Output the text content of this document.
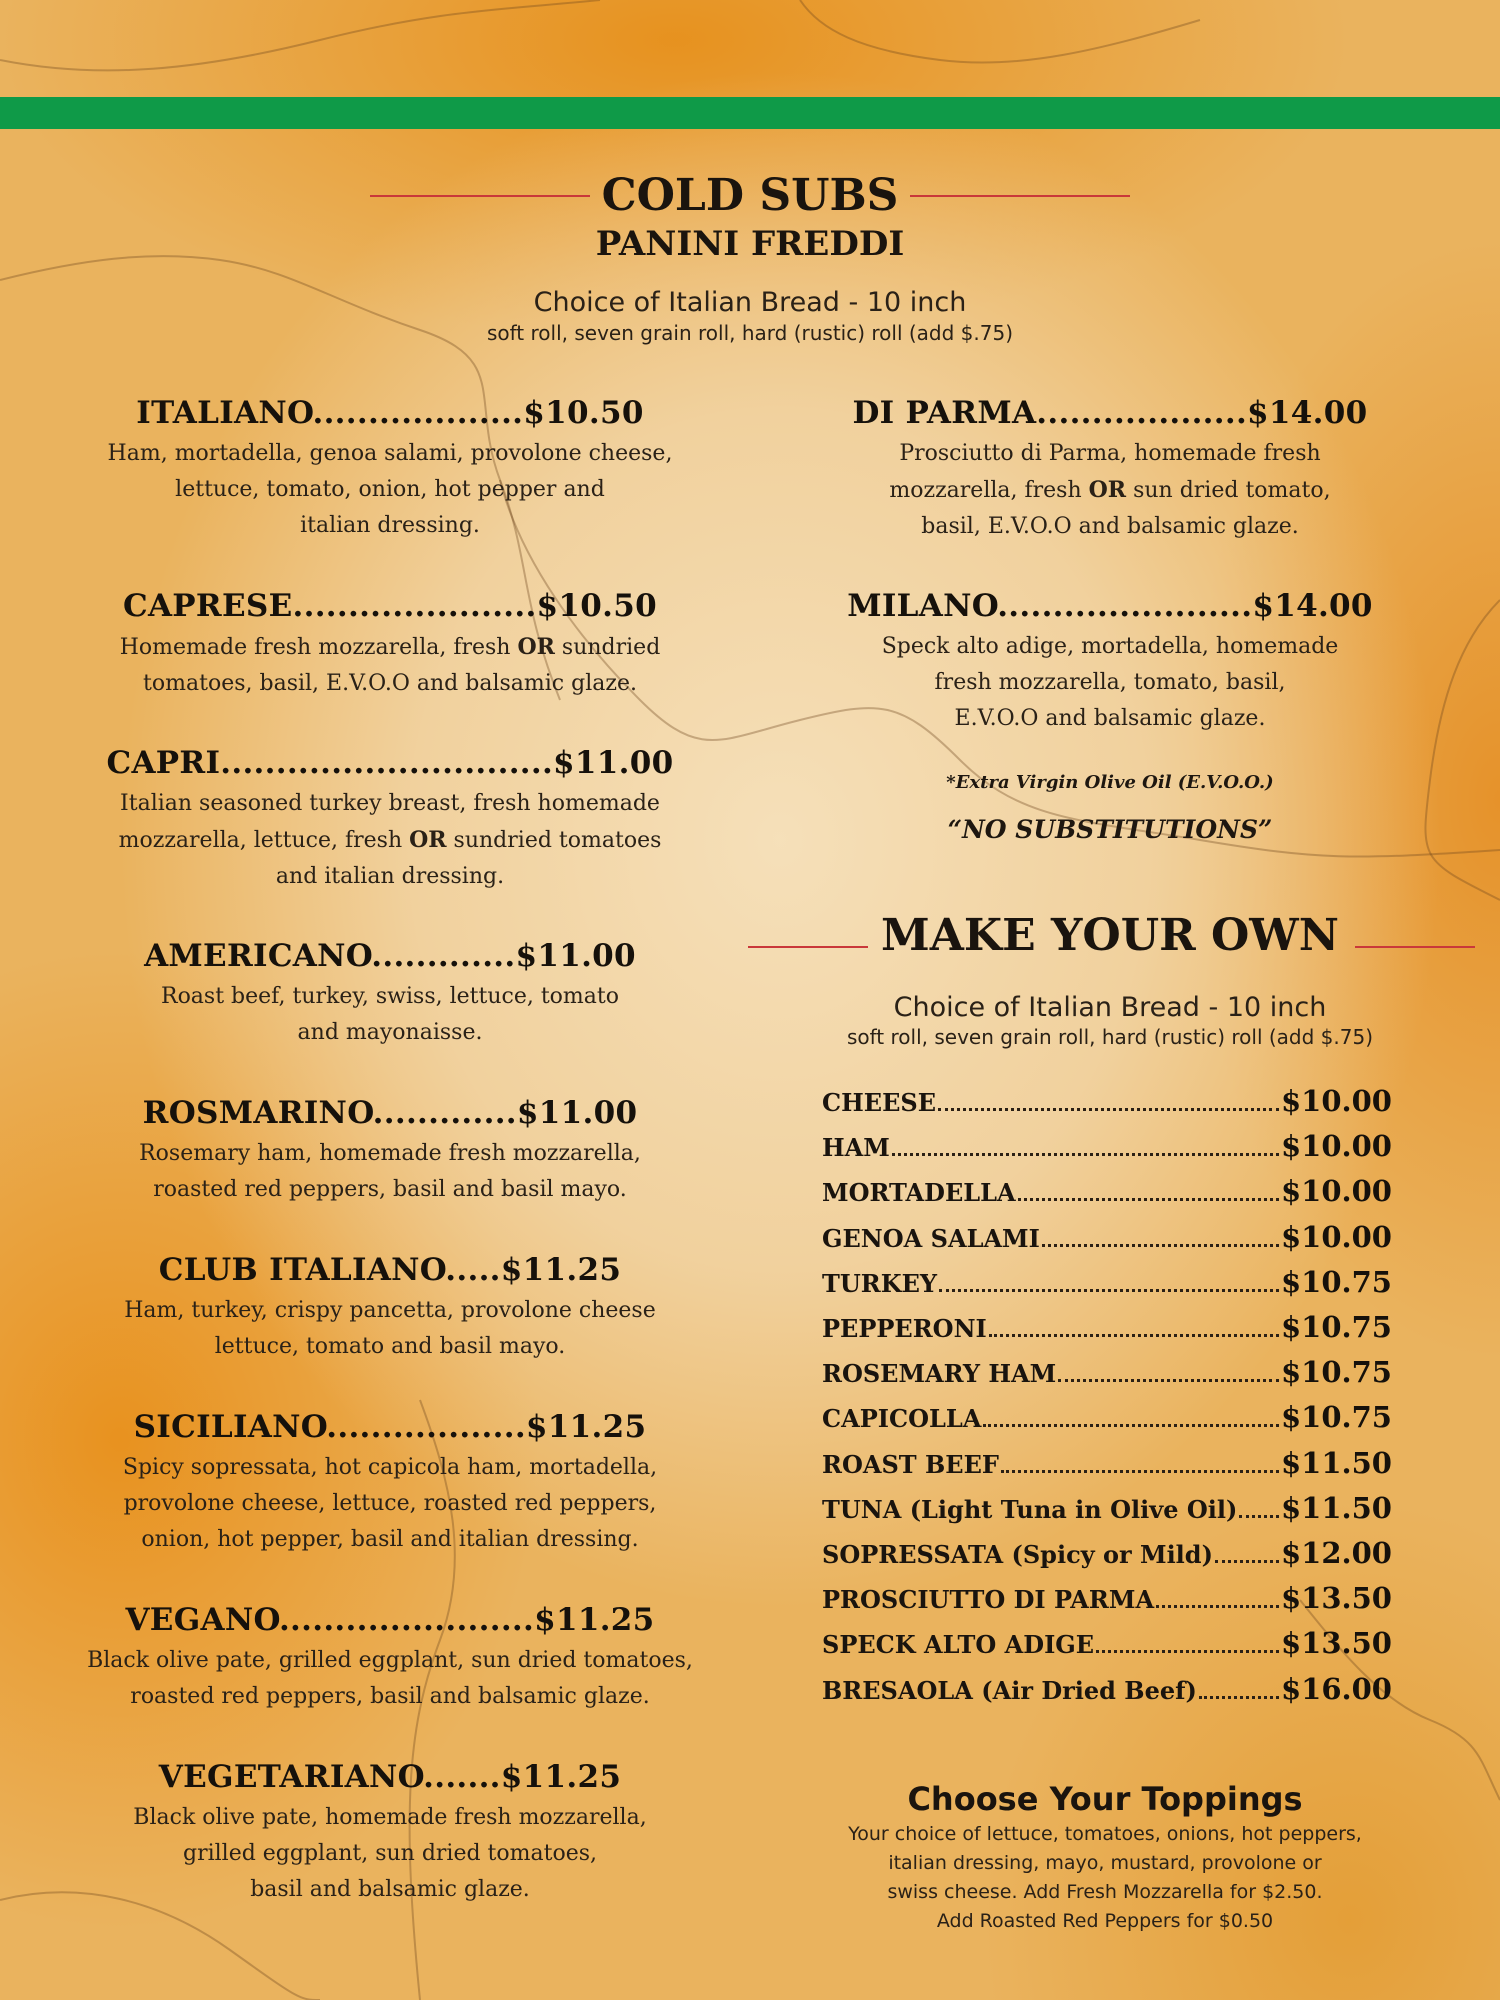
COLD SUBS
PANINI FREDDI
Choice of Italian Bread - 10 inch
soft roll, seven grain roll, hard (rustic) roll (add $.75)
ITALIANO...................$10.50
Ham, mortadella, genoa salami, provolone cheese,
lettuce, tomato, onion, hot pepper and
italian dressing.
CAPRESE......................$10.50
Homemade fresh mozzarella, fresh OR sundried
tomatoes, basil, E.V.O.O and balsamic glaze.
CAPRI..............................$11.00
Italian seasoned turkey breast, fresh homemade
mozzarella, lettuce, fresh OR sundried tomatoes
and italian dressing.
AMERICANO.............$11.00
Roast beef, turkey, swiss, lettuce, tomato
and mayonaisse.
ROSMARINO.............$11.00
Rosemary ham, homemade fresh mozzarella,
roasted red peppers, basil and basil mayo.
CLUB ITALIANO.....$11.25
Ham, turkey, crispy pancetta, provolone cheese
lettuce, tomato and basil mayo.
SICILIANO..................$11.25
Spicy sopressata, hot capicola ham, mortadella,
provolone cheese, lettuce, roasted red peppers,
onion, hot pepper, basil and italian dressing.
VEGANO.......................$11.25
Black olive pate, grilled eggplant, sun dried tomatoes,
roasted red peppers, basil and balsamic glaze.
VEGETARIANO.......$11.25
Black olive pate, homemade fresh mozzarella,
grilled eggplant, sun dried tomatoes,
basil and balsamic glaze.
DI PARMA...................$14.00
Prosciutto di Parma, homemade fresh
mozzarella, fresh OR sun dried tomato,
basil, E.V.O.O and balsamic glaze.
MILANO.......................$14.00
Speck alto adige, mortadella, homemade
fresh mozzarella, tomato, basil,
E.V.O.O and balsamic glaze.
*Extra Virgin Olive Oil (E.V.O.O.)
“NO SUBSTITUTIONS”
MAKE YOUR OWN
Choice of Italian Bread - 10 inch
soft roll, seven grain roll, hard (rustic) roll (add $.75)
CHEESE	$10.00
HAM	$10.00
MORTADELLA	$10.00
GENOA SALAMI	$10.00
TURKEY	$10.75
PEPPERONI	$10.75
ROSEMARY HAM	$10.75
CAPICOLLA	$10.75
ROAST BEEF	$11.50
TUNA (Light Tuna in Olive Oil) $11.50
SOPRESSATA (Spicy or Mild) $12.00
PROSCIUTTO DI PARMA	$13.50
SPECK ALTO ADIGE	$13.50
BRESAOLA (Air Dried Beef)	$16.00
Choose Your Toppings
Your choice of lettuce, tomatoes, onions, hot peppers,
italian dressing, mayo, mustard, provolone or
swiss cheese. Add Fresh Mozzarella for $2.50.
Add Roasted Red Peppers for $0.50
